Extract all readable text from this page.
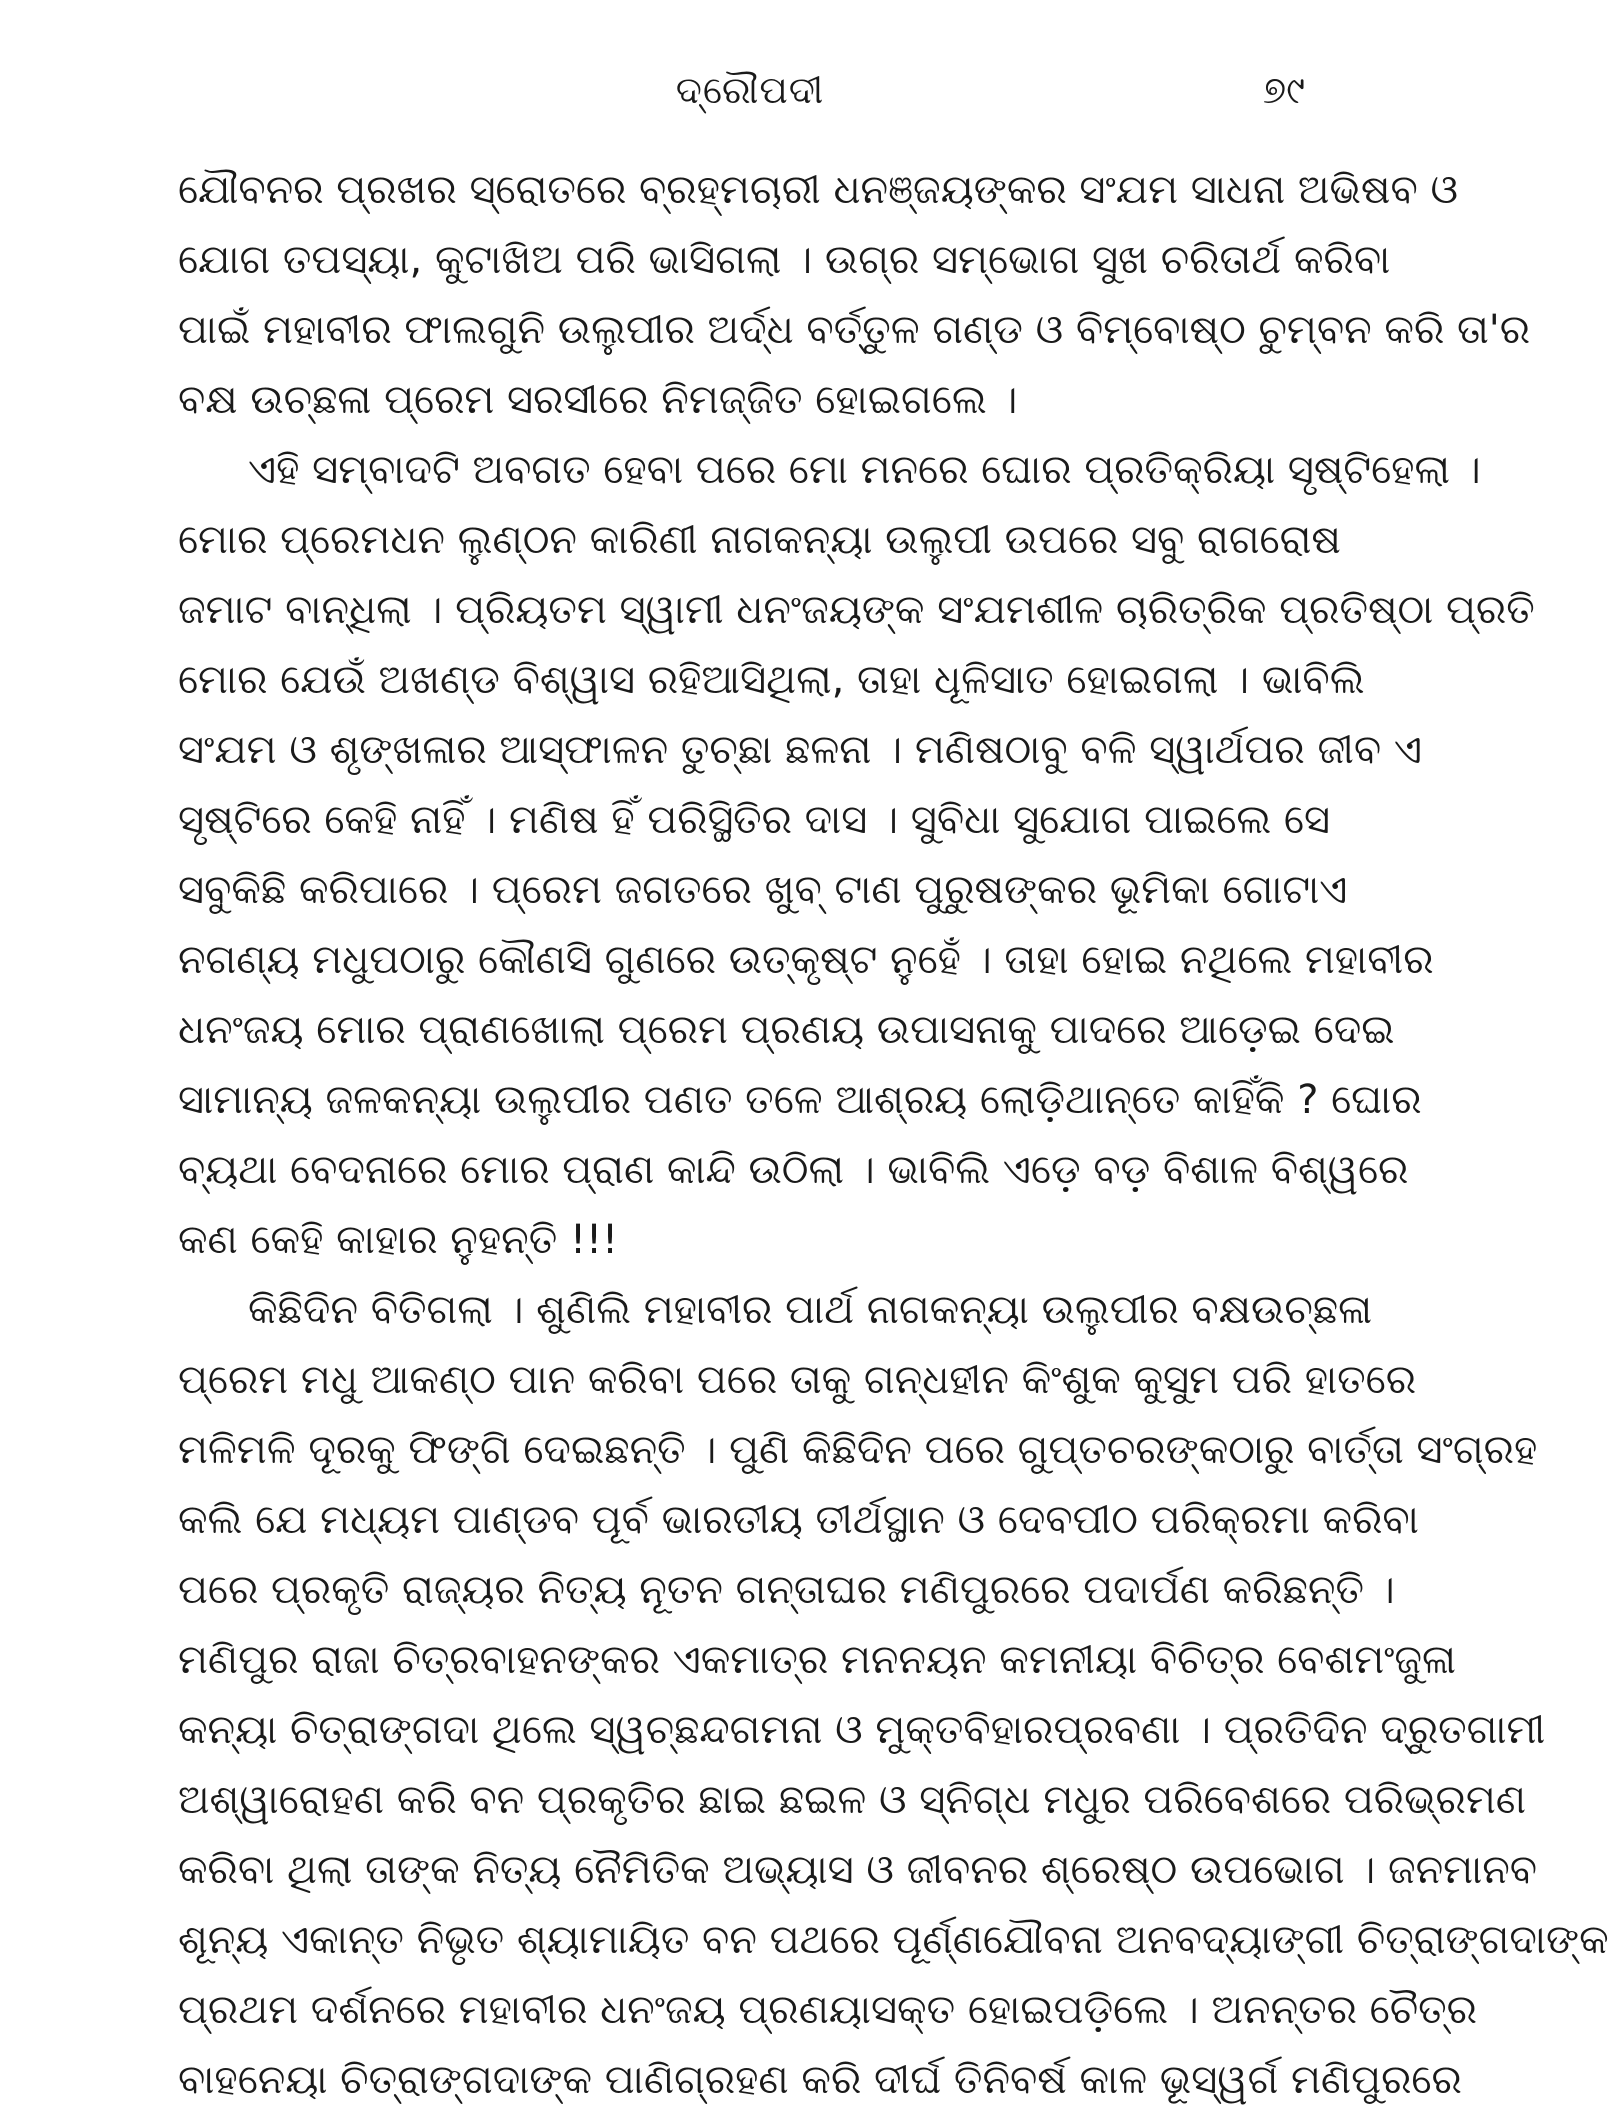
ଦ୍ରୌପଦୀ	୭୯
ଯୌବନର ପ୍ରଖର ସ୍ରୋତରେ ବ୍ରହ୍ମଚାରୀ ଧନଞ୍ଜୟଙ୍କର ସଂଯମ ସାଧନା ଅଭିଷବ ଓ
ଯୋଗ ତପସ୍ୟା, କୁଟାଖିଅ ପରି ଭାସିଗଲା । ଉଗ୍ର ସମ୍ଭୋଗ ସୁଖ ଚରିତାର୍ଥ କରିବା
ପାଇଁ ମହାବୀର ଫାଲଗୁନି ଉଲୁପୀର ଅର୍ଦ୍ଧ ବର୍ତ୍ତୁଳ ଗଣ୍ଡ ଓ ବିମ୍ବୋଷ୍ଠ ଚୁମ୍ବନ କରି ତା'ର
ବକ୍ଷ ଉଚ୍ଛଳା ପ୍ରେମ ସରସୀରେ ନିମଜ୍ଜିତ ହୋଇଗଲେ ।
ଏହି ସମ୍ବାଦଟି ଅବଗତ ହେବା ପରେ ମୋ ମନରେ ଘୋର ପ୍ରତିକ୍ରିୟା ସୃଷ୍ଟିହେଲା ।
ମୋର ପ୍ରେମଧନ ଲୁଣ୍ଠନ କାରିଣୀ ନାଗକନ୍ୟା ଉଲୁପୀ ଉପରେ ସବୁ ରାଗରୋଷ
ଜମାଟ ବାନ୍ଧିଲା । ପ୍ରିୟତମ ସ୍ୱାମୀ ଧନଂଜୟଙ୍କ ସଂଯମଶୀଳ ଚାରିତ୍ରିକ ପ୍ରତିଷ୍ଠା ପ୍ରତି
ମୋର ଯେଉଁ ଅଖଣ୍ଡ ବିଶ୍ୱାସ ରହିଆସିଥିଲା, ତାହା ଧୂଳିସାତ ହୋଇଗଲା । ଭାବିଲି
ସଂଯମ ଓ ଶୃଙ୍ଖଳାର ଆସ୍ଫାଳନ ତୁଚ୍ଛା ଛଳନା । ମଣିଷଠାବୁ ବଳି ସ୍ୱାର୍ଥପର ଜୀବ ଏ
ସୃଷ୍ଟିରେ କେହି ନାହିଁ । ମଣିଷ ହିଁ ପରିସ୍ଥିତିର ଦାସ । ସୁବିଧା ସୁଯୋଗ ପାଇଲେ ସେ
ସବୁକିଛି କରିପାରେ । ପ୍ରେମ ଜଗତରେ ଖୁବ୍ ଟାଣ ପୁରୁଷଙ୍କର ଭୂମିକା ଗୋଟାଏ
ନଗଣ୍ୟ ମଧୁପଠାରୁ କୌଣସି ଗୁଣରେ ଉତ୍କୃଷ୍ଟ ନୁହେଁ । ତାହା ହୋଇ ନଥିଲେ ମହାବୀର
ଧନଂଜୟ ମୋର ପ୍ରାଣଖୋଲା ପ୍ରେମ ପ୍ରଣୟ ଉପାସନାକୁ ପାଦରେ ଆଡ଼େଇ ଦେଇ
ସାମାନ୍ୟ ଜଳକନ୍ୟା ଉଲୁପୀର ପଣତ ତଳେ ଆଶ୍ରୟ ଲୋଡ଼ିଥାନ୍ତେ କାହିଁକି ? ଘୋର
ବ୍ୟଥା ବେଦନାରେ ମୋର ପ୍ରାଣ କାନ୍ଦି ଉଠିଲା । ଭାବିଲି ଏଡ଼େ ବଡ଼ ବିଶାଳ ବିଶ୍ୱରେ
କଣ କେହି କାହାର ନୁହନ୍ତି !!!
କିଛିଦିନ ବିତିଗଲା । ଶୁଣିଲି ମହାବୀର ପାର୍ଥ ନାଗକନ୍ୟା ଉଲୁପୀର ବକ୍ଷଉଚ୍ଛଳା
ପ୍ରେମ ମଧୁ ଆକଣ୍ଠ ପାନ କରିବା ପରେ ତାକୁ ଗନ୍ଧହୀନ କିଂଶୁକ କୁସୁମ ପରି ହାତରେ
ମଳିମଳି ଦୂରକୁ ଫିଙ୍ଗି ଦେଇଛନ୍ତି । ପୁଣି କିଛିଦିନ ପରେ ଗୁପ୍ତଚରଙ୍କଠାରୁ ବାର୍ତ୍ତା ସଂଗ୍ରହ
କଲି ଯେ ମଧ୍ୟମ ପାଣ୍ଡବ ପୂର୍ବ ଭାରତୀୟ ତୀର୍ଥସ୍ଥାନ ଓ ଦେବପୀଠ ପରିକ୍ରମା କରିବା
ପରେ ପ୍ରକୃତି ରାଜ୍ୟର ନିତ୍ୟ ନୂତନ ଗନ୍ତାଘର ମଣିପୁରରେ ପଦାର୍ପଣ କରିଛନ୍ତି ।
ମଣିପୁର ରାଜା ଚିତ୍ରବାହନଙ୍କର ଏକମାତ୍ର ମନନୟନ କମନୀୟା ବିଚିତ୍ର ବେଶମଂଜୁଳା
କନ୍ୟା ଚିତ୍ରାଙ୍ଗଦା ଥିଲେ ସ୍ୱଚ୍ଛନ୍ଦଗମନା ଓ ମୁକ୍ତବିହାରପ୍ରବଣା । ପ୍ରତିଦିନ ଦ୍ରୁତଗାମୀ
ଅଶ୍ୱାରୋହଣ କରି ବନ ପ୍ରକୃତିର ଛାଇ ଛଇଳ ଓ ସ୍ନିଗ୍ଧ ମଧୁର ପରିବେଶରେ ପରିଭ୍ରମଣ
କରିବା ଥିଲା ତାଙ୍କ ନିତ୍ୟ ନୈମିତିକ ଅଭ୍ୟାସ ଓ ଜୀବନର ଶ୍ରେଷ୍ଠ ଉପଭୋଗ । ଜନମାନବ
ଶୂନ୍ୟ ଏକାନ୍ତ ନିଭୃତ ଶ୍ୟାମାୟିତ ବନ ପଥରେ ପୂର୍ଣ୍ଣଯୌବନା ଅନବଦ୍ୟାଙ୍ଗୀ ଚିତ୍ରାଙ୍ଗଦାଙ୍କ
ପ୍ରଥମ ଦର୍ଶନରେ ମହାବୀର ଧନଂଜୟ ପ୍ରଣୟାସକ୍ତ ହୋଇପଡ଼ିଲେ । ଅନନ୍ତର ଚୈତ୍ର
ବାହନେୟା ଚିତ୍ରାଙ୍ଗଦାଙ୍କ ପାଣିଗ୍ରହଣ କରି ଦୀର୍ଘ ତିନିବର୍ଷ କାଳ ଭୂସ୍ୱର୍ଗ ମଣିପୁରରେ
